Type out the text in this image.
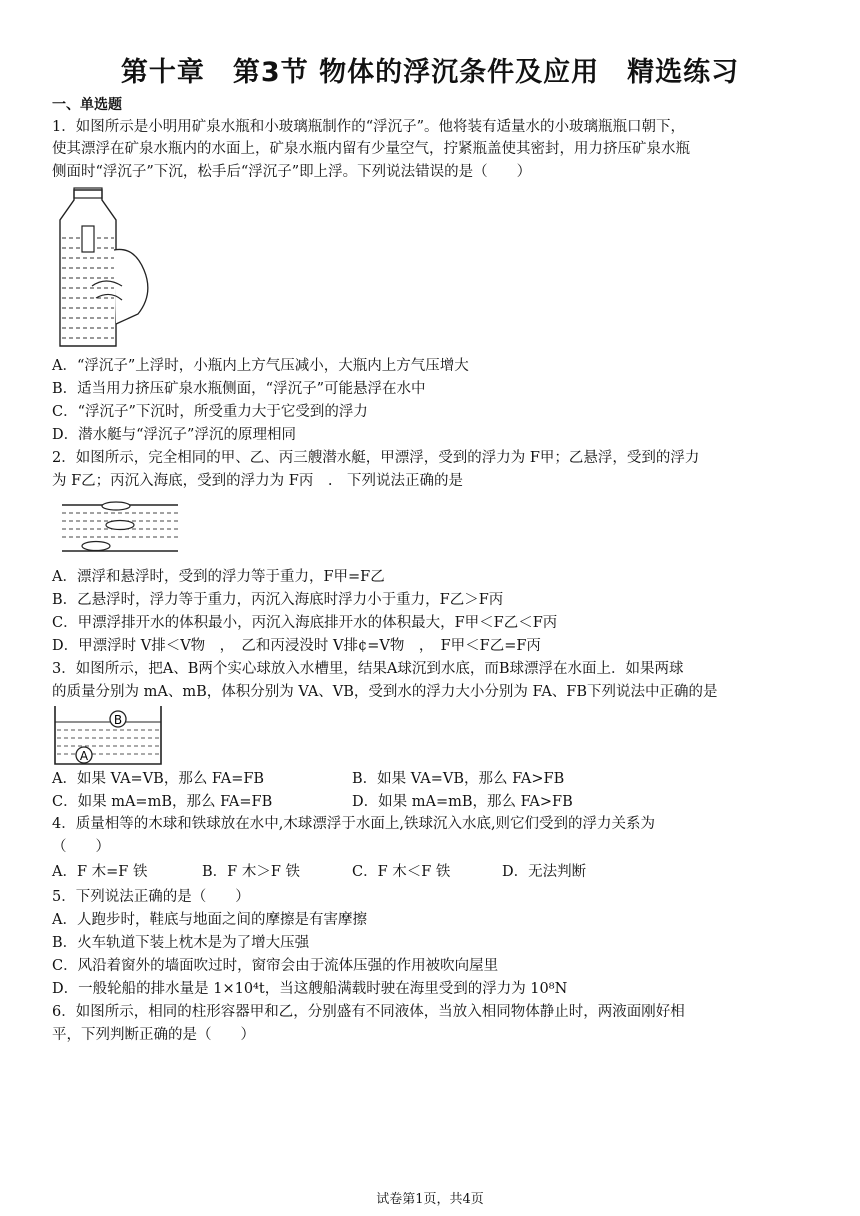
第十章　第3节 物体的浮沉条件及应用　精选练习
一、单选题
1．如图所示是小明用矿泉水瓶和小玻璃瓶制作的“浮沉子”。他将装有适量水的小玻璃瓶瓶口朝下，
使其漂浮在矿泉水瓶内的水面上，矿泉水瓶内留有少量空气，拧紧瓶盖使其密封，用力挤压矿泉水瓶
侧面时“浮沉子”下沉，松手后“浮沉子”即上浮。下列说法错误的是（　　）
A．“浮沉子”上浮时，小瓶内上方气压减小，大瓶内上方气压增大
B．适当用力挤压矿泉水瓶侧面，“浮沉子”可能悬浮在水中
C．“浮沉子”下沉时，所受重力大于它受到的浮力
D．潜水艇与“浮沉子”浮沉的原理相同
2．如图所示，完全相同的甲、乙、丙三艘潜水艇，甲漂浮，受到的浮力为 F甲；乙悬浮，受到的浮力
为 F乙；丙沉入海底，受到的浮力为 F丙　.　下列说法正确的是
A．漂浮和悬浮时，受到的浮力等于重力，F甲=F乙
B．乙悬浮时，浮力等于重力，丙沉入海底时浮力小于重力，F乙＞F丙
C．甲漂浮排开水的体积最小，丙沉入海底排开水的体积最大，F甲＜F乙＜F丙
D．甲漂浮时 V排＜V物　，　乙和丙浸没时 V排¢=V物　，　F甲＜F乙=F丙
3．如图所示，把A、B两个实心球放入水槽里，结果A球沉到水底，而B球漂浮在水面上．如果两球
的质量分别为 mA、mB，体积分别为 VA、VB，受到水的浮力大小分别为 FA、FB下列说法中正确的是
B
A
A．如果 VA=VB，那么 FA=FB	B．如果 VA=VB，那么 FA>FB
C．如果 mA=mB，那么 FA=FB	D．如果 mA=mB，那么 FA>FB
4．质量相等的木球和铁球放在水中,木球漂浮于水面上,铁球沉入水底,则它们受到的浮力关系为
（　　）
A．F 木=F 铁	B．F 木＞F 铁	C．F 木＜F 铁	D．无法判断
5．下列说法正确的是（　　）
A．人跑步时，鞋底与地面之间的摩擦是有害摩擦
B．火车轨道下装上枕木是为了增大压强
C．风沿着窗外的墙面吹过时，窗帘会由于流体压强的作用被吹向屋里
D．一般轮船的排水量是 1×10⁴t，当这艘船满载时驶在海里受到的浮力为 10⁸N
6．如图所示，相同的柱形容器甲和乙，分别盛有不同液体，当放入相同物体静止时，两液面刚好相
平，下列判断正确的是（　　）
试卷第1页，共4页
